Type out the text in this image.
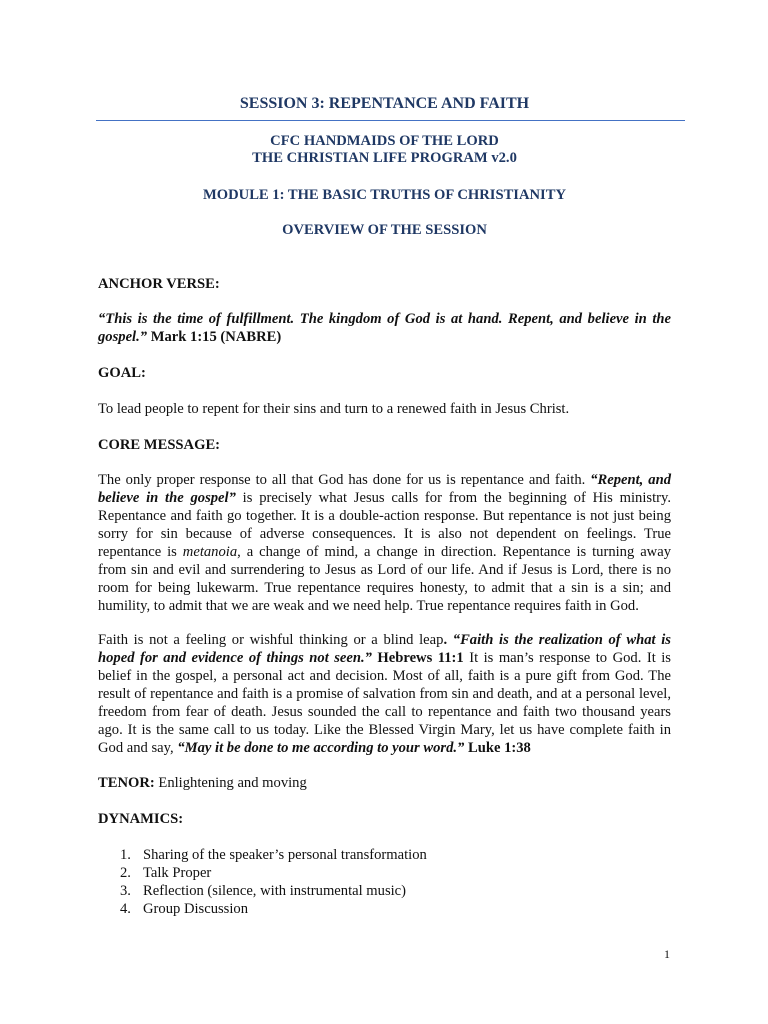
SESSION 3: REPENTANCE AND FAITH
CFC HANDMAIDS OF THE LORD
THE CHRISTIAN LIFE PROGRAM v2.0
MODULE 1: THE BASIC TRUTHS OF CHRISTIANITY
OVERVIEW OF THE SESSION
ANCHOR VERSE:
“This is the time of fulfillment. The kingdom of God is at hand. Repent, and believe in the gospel.” Mark 1:15 (NABRE)
GOAL:
To lead people to repent for their sins and turn to a renewed faith in Jesus Christ.
CORE MESSAGE:
The only proper response to all that God has done for us is repentance and faith. “Repent, and believe in the gospel” is precisely what Jesus calls for from the beginning of His ministry. Repentance and faith go together. It is a double-action response. But repentance is not just being sorry for sin because of adverse consequences. It is also not dependent on feelings. True repentance is metanoia, a change of mind, a change in direction. Repentance is turning away from sin and evil and surrendering to Jesus as Lord of our life. And if Jesus is Lord, there is no room for being lukewarm. True repentance requires honesty, to admit that a sin is a sin; and humility, to admit that we are weak and we need help. True repentance requires faith in God.
Faith is not a feeling or wishful thinking or a blind leap. “Faith is the realization of what is hoped for and evidence of things not seen.” Hebrews 11:1 It is man’s response to God. It is belief in the gospel, a personal act and decision. Most of all, faith is a pure gift from God. The result of repentance and faith is a promise of salvation from sin and death, and at a personal level, freedom from fear of death. Jesus sounded the call to repentance and faith two thousand years ago. It is the same call to us today. Like the Blessed Virgin Mary, let us have complete faith in God and say, “May it be done to me according to your word.” Luke 1:38
TENOR: Enlightening and moving
DYNAMICS:
1. Sharing of the speaker’s personal transformation
2. Talk Proper
3. Reflection (silence, with instrumental music)
4. Group Discussion
1
